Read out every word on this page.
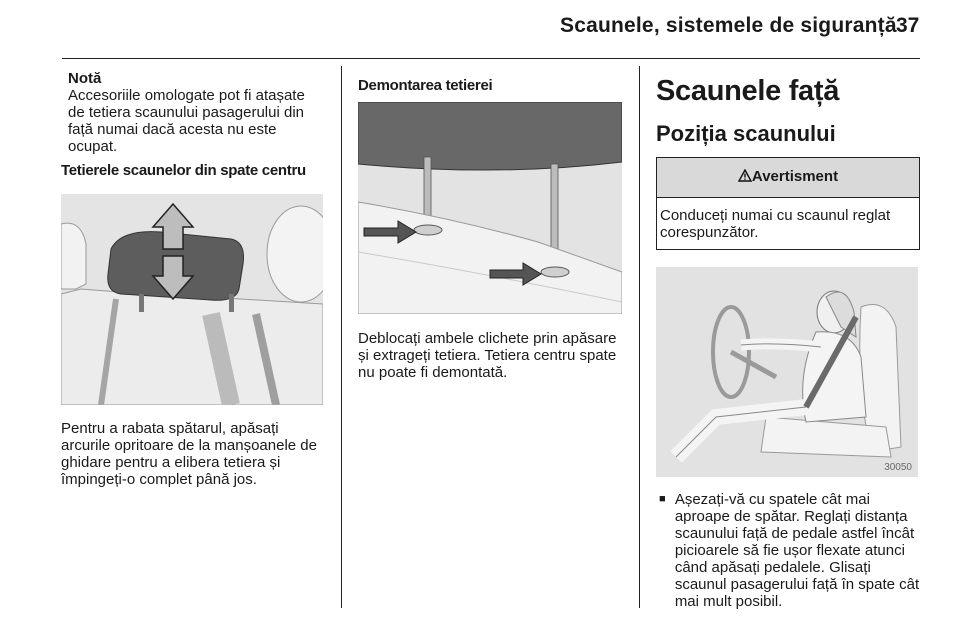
Scaunele, sistemele de siguranță 37
Notă
Accesoriile omologate pot fi atașate de tetiera scaunului pasagerului din față numai dacă acesta nu este ocupat.
Tetierele scaunelor din spate centru
Pentru a rabata spătarul, apăsați arcurile opritoare de la manșoanele de ghidare pentru a elibera tetiera și împingeți-o complet până jos.
Demontarea tetierei
Deblocați ambele clichete prin apăsare și extrageți tetiera. Tetiera centru spate nu poate fi demontată.
Scaunele față
Poziția scaunului
Avertisment
Conduceți numai cu scaunul reglat corespunzător.
30050
■ Așezați-vă cu spatele cât mai aproape de spătar. Reglați distanța scaunului față de pedale astfel încât picioarele să fie ușor flexate atunci când apăsați pedalele. Glisați scaunul pasagerului față în spate cât mai mult posibil.
